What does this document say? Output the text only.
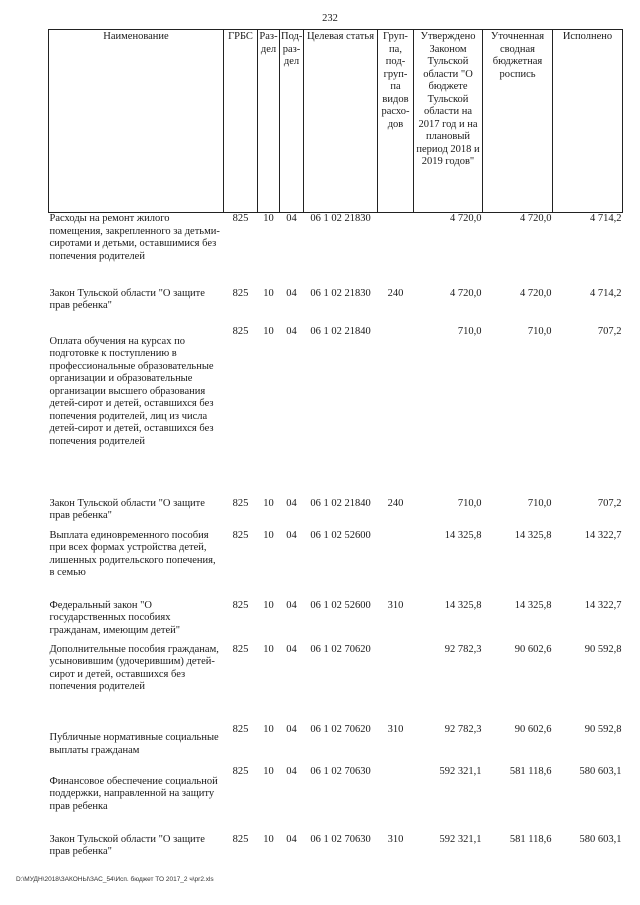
232
Наименование	ГРБС	Раз-дел	Под-раз-дел	Целевая статья	Груп-па, под-груп-па видов расхо-дов	Утверждено Законом Тульской области "О бюджете Тульской области на 2017 год и на плановый период 2018 и 2019 годов"	Уточненная сводная бюджетная роспись	Исполнено
Расходы на ремонт жилого помещения, закрепленного за детьми-сиротами и детьми, оставшимися без попечения родителей	825	10	04	06 1 02 21830		4 720,0	4 720,0	4 714,2
Закон Тульской области "О защите прав ребенка"	825	10	04	06 1 02 21830	240	4 720,0	4 720,0	4 714,2
Оплата обучения на курсах по подготовке к поступлению в профессиональные образовательные организации и образовательные организации высшего образования детей-сирот и детей, оставшихся без попечения родителей, лиц из числа детей-сирот и детей, оставшихся без попечения родителей	825	10	04	06 1 02 21840		710,0	710,0	707,2
Закон Тульской области "О защите прав ребенка"	825	10	04	06 1 02 21840	240	710,0	710,0	707,2
Выплата единовременного пособия при всех формах устройства детей, лишенных родительского попечения, в семью	825	10	04	06 1 02 52600		14 325,8	14 325,8	14 322,7
Федеральный закон "О государственных пособиях гражданам, имеющим детей"	825	10	04	06 1 02 52600	310	14 325,8	14 325,8	14 322,7
Дополнительные пособия гражданам, усыновившим (удочерившим) детей-сирот и детей, оставшихся без попечения родителей	825	10	04	06 1 02 70620		92 782,3	90 602,6	90 592,8
Публичные нормативные социальные выплаты гражданам	825	10	04	06 1 02 70620	310	92 782,3	90 602,6	90 592,8
Финансовое обеспечение социальной поддержки, направленной на защиту прав ребенка	825	10	04	06 1 02 70630		592 321,1	581 118,6	580 603,1
Закон Тульской области "О защите прав ребенка"	825	10	04	06 1 02 70630	310	592 321,1	581 118,6	580 603,1
D:\МУДН\2018\ЗАКОНЫ\ЗАС_54\Исп. бюджет ТО 2017_2 ч\pr2.xls
